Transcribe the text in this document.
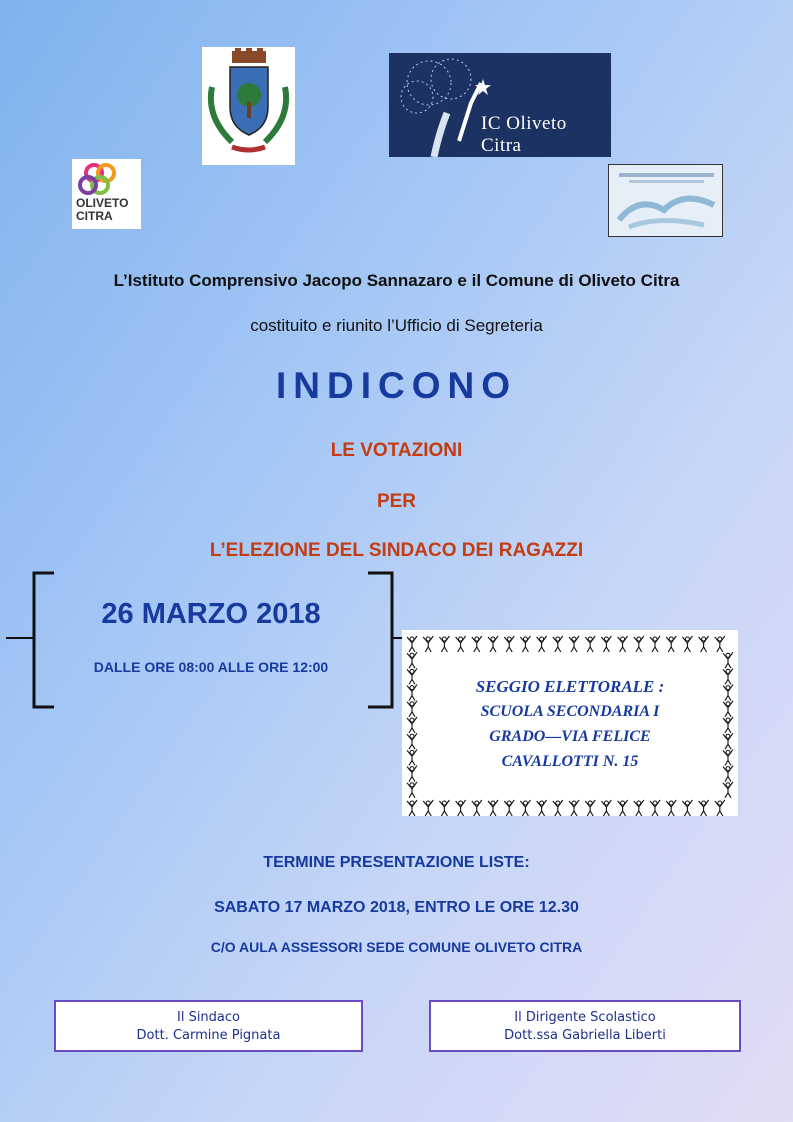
IC Oliveto Citra
OLIVETO
CITRA
L’Istituto Comprensivo Jacopo Sannazaro e il Comune di Oliveto Citra
costituito e riunito l’Ufficio di Segreteria
INDICONO
LE VOTAZIONI
PER
L’ELEZIONE DEL SINDACO DEI RAGAZZI
26 MARZO 2018
DALLE ORE 08:00 ALLE ORE 12:00
SEGGIO ELETTORALE :
SCUOLA SECONDARIA I
GRADO—VIA FELICE
CAVALLOTTI N. 15
TERMINE PRESENTAZIONE LISTE:
SABATO 17 MARZO 2018, ENTRO LE ORE 12.30
C/O AULA ASSESSORI SEDE COMUNE OLIVETO CITRA
Il Sindaco
Dott. Carmine Pignata
Il Dirigente Scolastico
Dott.ssa Gabriella Liberti
